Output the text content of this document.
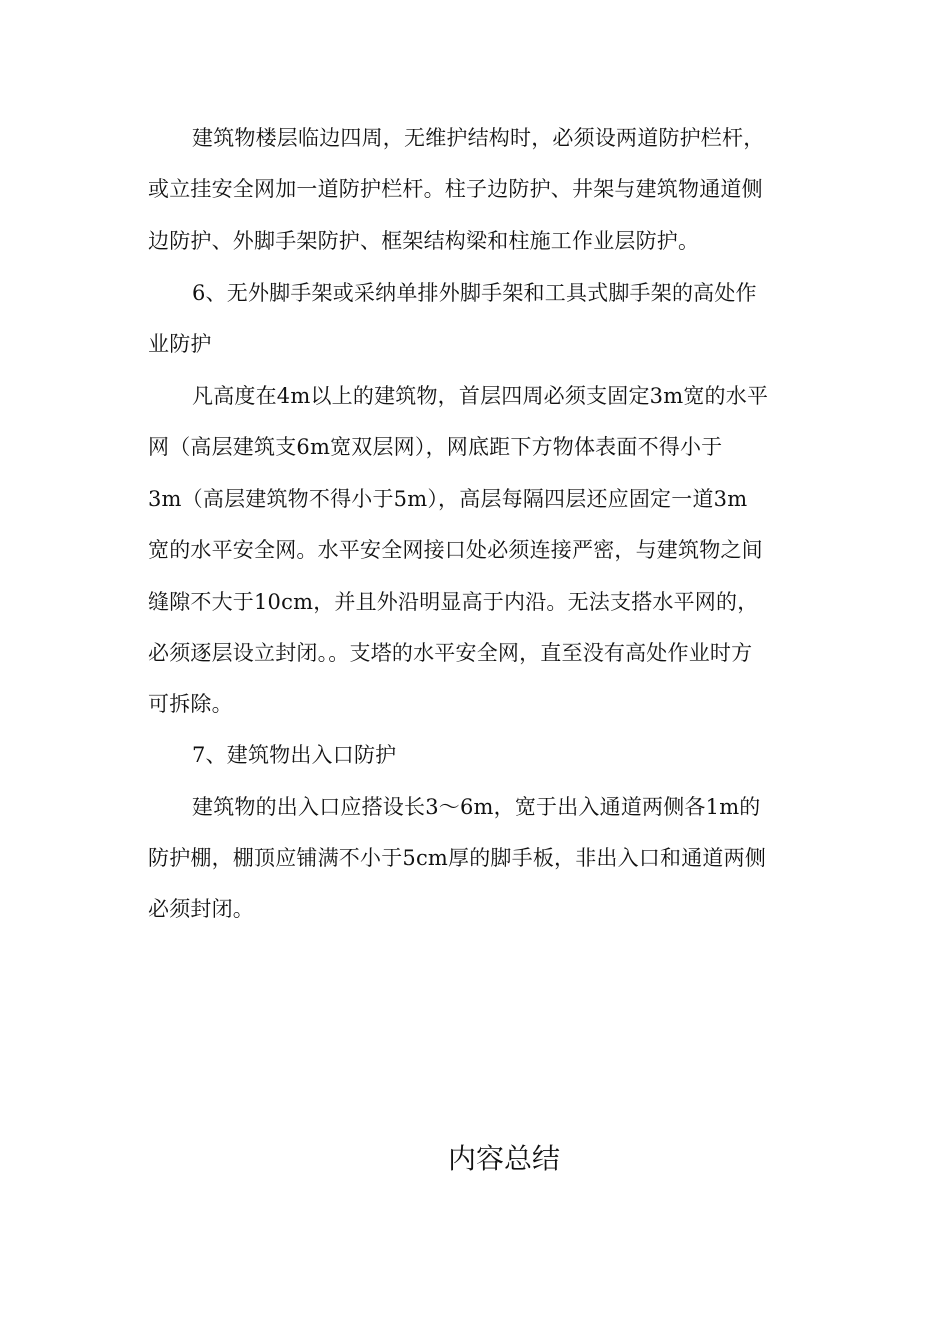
建筑物楼层临边四周，无维护结构时，必须设两道防护栏杆，
或立挂安全网加一道防护栏杆。柱子边防护、井架与建筑物通道侧
边防护、外脚手架防护、框架结构梁和柱施工作业层防护。
6、无外脚手架或采纳单排外脚手架和工具式脚手架的高处作
业防护
凡高度在4m以上的建筑物，首层四周必须支固定3m宽的水平
网（高层建筑支6m宽双层网），网底距下方物体表面不得小于
3m（高层建筑物不得小于5m），高层每隔四层还应固定一道3m
宽的水平安全网。水平安全网接口处必须连接严密，与建筑物之间
缝隙不大于10cm，并且外沿明显高于内沿。无法支搭水平网的，
必须逐层设立封闭。。支塔的水平安全网，直至没有高处作业时方
可拆除。
7、建筑物出入口防护
建筑物的出入口应搭设长3～6m，宽于出入通道两侧各1m的
防护棚，棚顶应铺满不小于5cm厚的脚手板，非出入口和通道两侧
必须封闭。
内容总结
